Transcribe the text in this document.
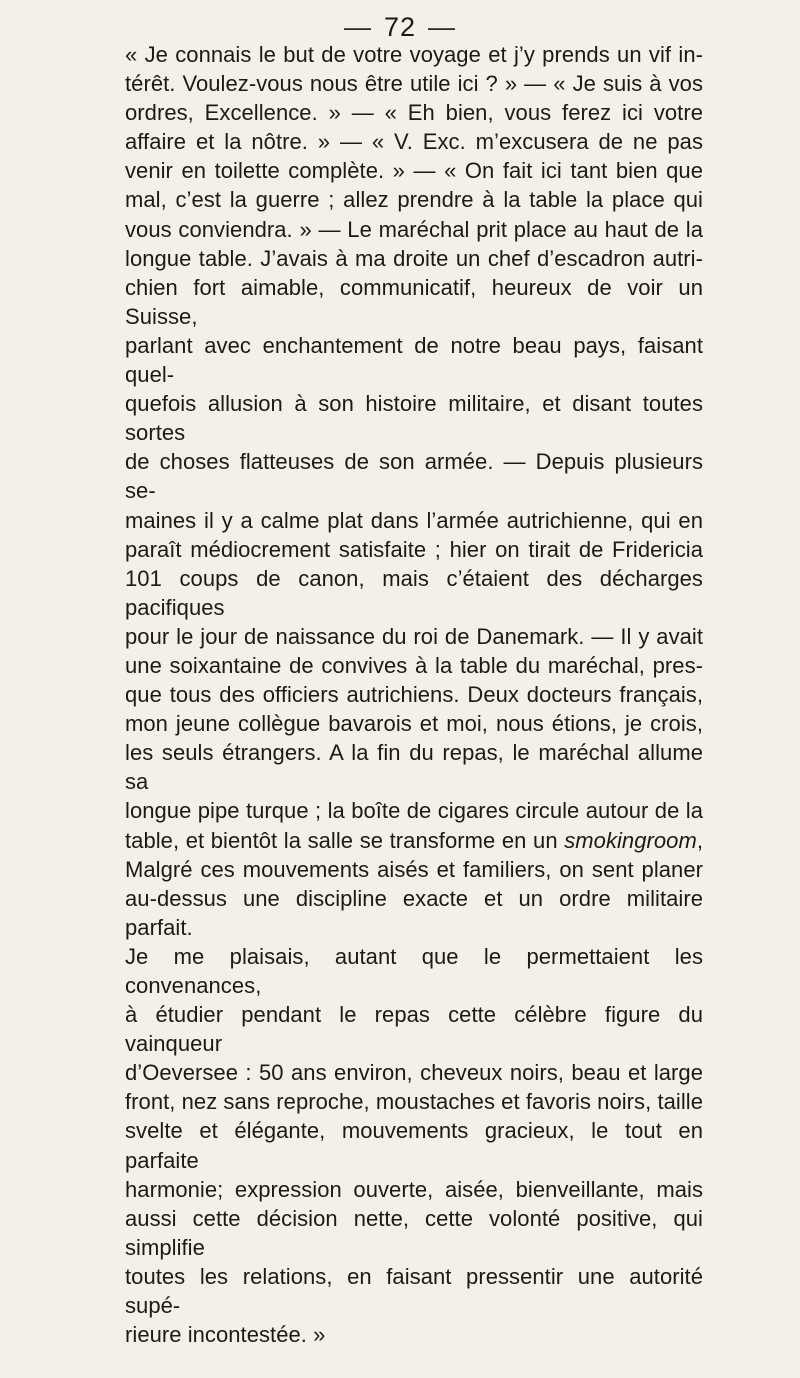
— 72 —
« Je connais le but de votre voyage et j’y prends un vif in-
térêt. Voulez-vous nous être utile ici ? » — « Je suis à vos
ordres, Excellence. » — « Eh bien, vous ferez ici votre
affaire et la nôtre. » — « V. Exc. m’excusera de ne pas
venir en toilette complète. » — « On fait ici tant bien que
mal, c’est la guerre ; allez prendre à la table la place qui
vous conviendra. » — Le maréchal prit place au haut de la
longue table. J’avais à ma droite un chef d’escadron autri-
chien fort aimable, communicatif, heureux de voir un Suisse,
parlant avec enchantement de notre beau pays, faisant quel-
quefois allusion à son histoire militaire, et disant toutes sortes
de choses flatteuses de son armée. — Depuis plusieurs se-
maines il y a calme plat dans l’armée autrichienne, qui en
paraît médiocrement satisfaite ; hier on tirait de Fridericia
101 coups de canon, mais c’étaient des décharges pacifiques
pour le jour de naissance du roi de Danemark. — Il y avait
une soixantaine de convives à la table du maréchal, pres-
que tous des officiers autrichiens. Deux docteurs français,
mon jeune collègue bavarois et moi, nous étions, je crois,
les seuls étrangers. A la fin du repas, le maréchal allume sa
longue pipe turque ; la boîte de cigares circule autour de la
table, et bientôt la salle se transforme en un smokingroom,
Malgré ces mouvements aisés et familiers, on sent planer
au-dessus une discipline exacte et un ordre militaire parfait.
Je me plaisais, autant que le permettaient les convenances,
à étudier pendant le repas cette célèbre figure du vainqueur
d’Oeversee : 50 ans environ, cheveux noirs, beau et large
front, nez sans reproche, moustaches et favoris noirs, taille
svelte et élégante, mouvements gracieux, le tout en parfaite
harmonie; expression ouverte, aisée, bienveillante, mais
aussi cette décision nette, cette volonté positive, qui simplifie
toutes les relations, en faisant pressentir une autorité supé-
rieure incontestée. »
